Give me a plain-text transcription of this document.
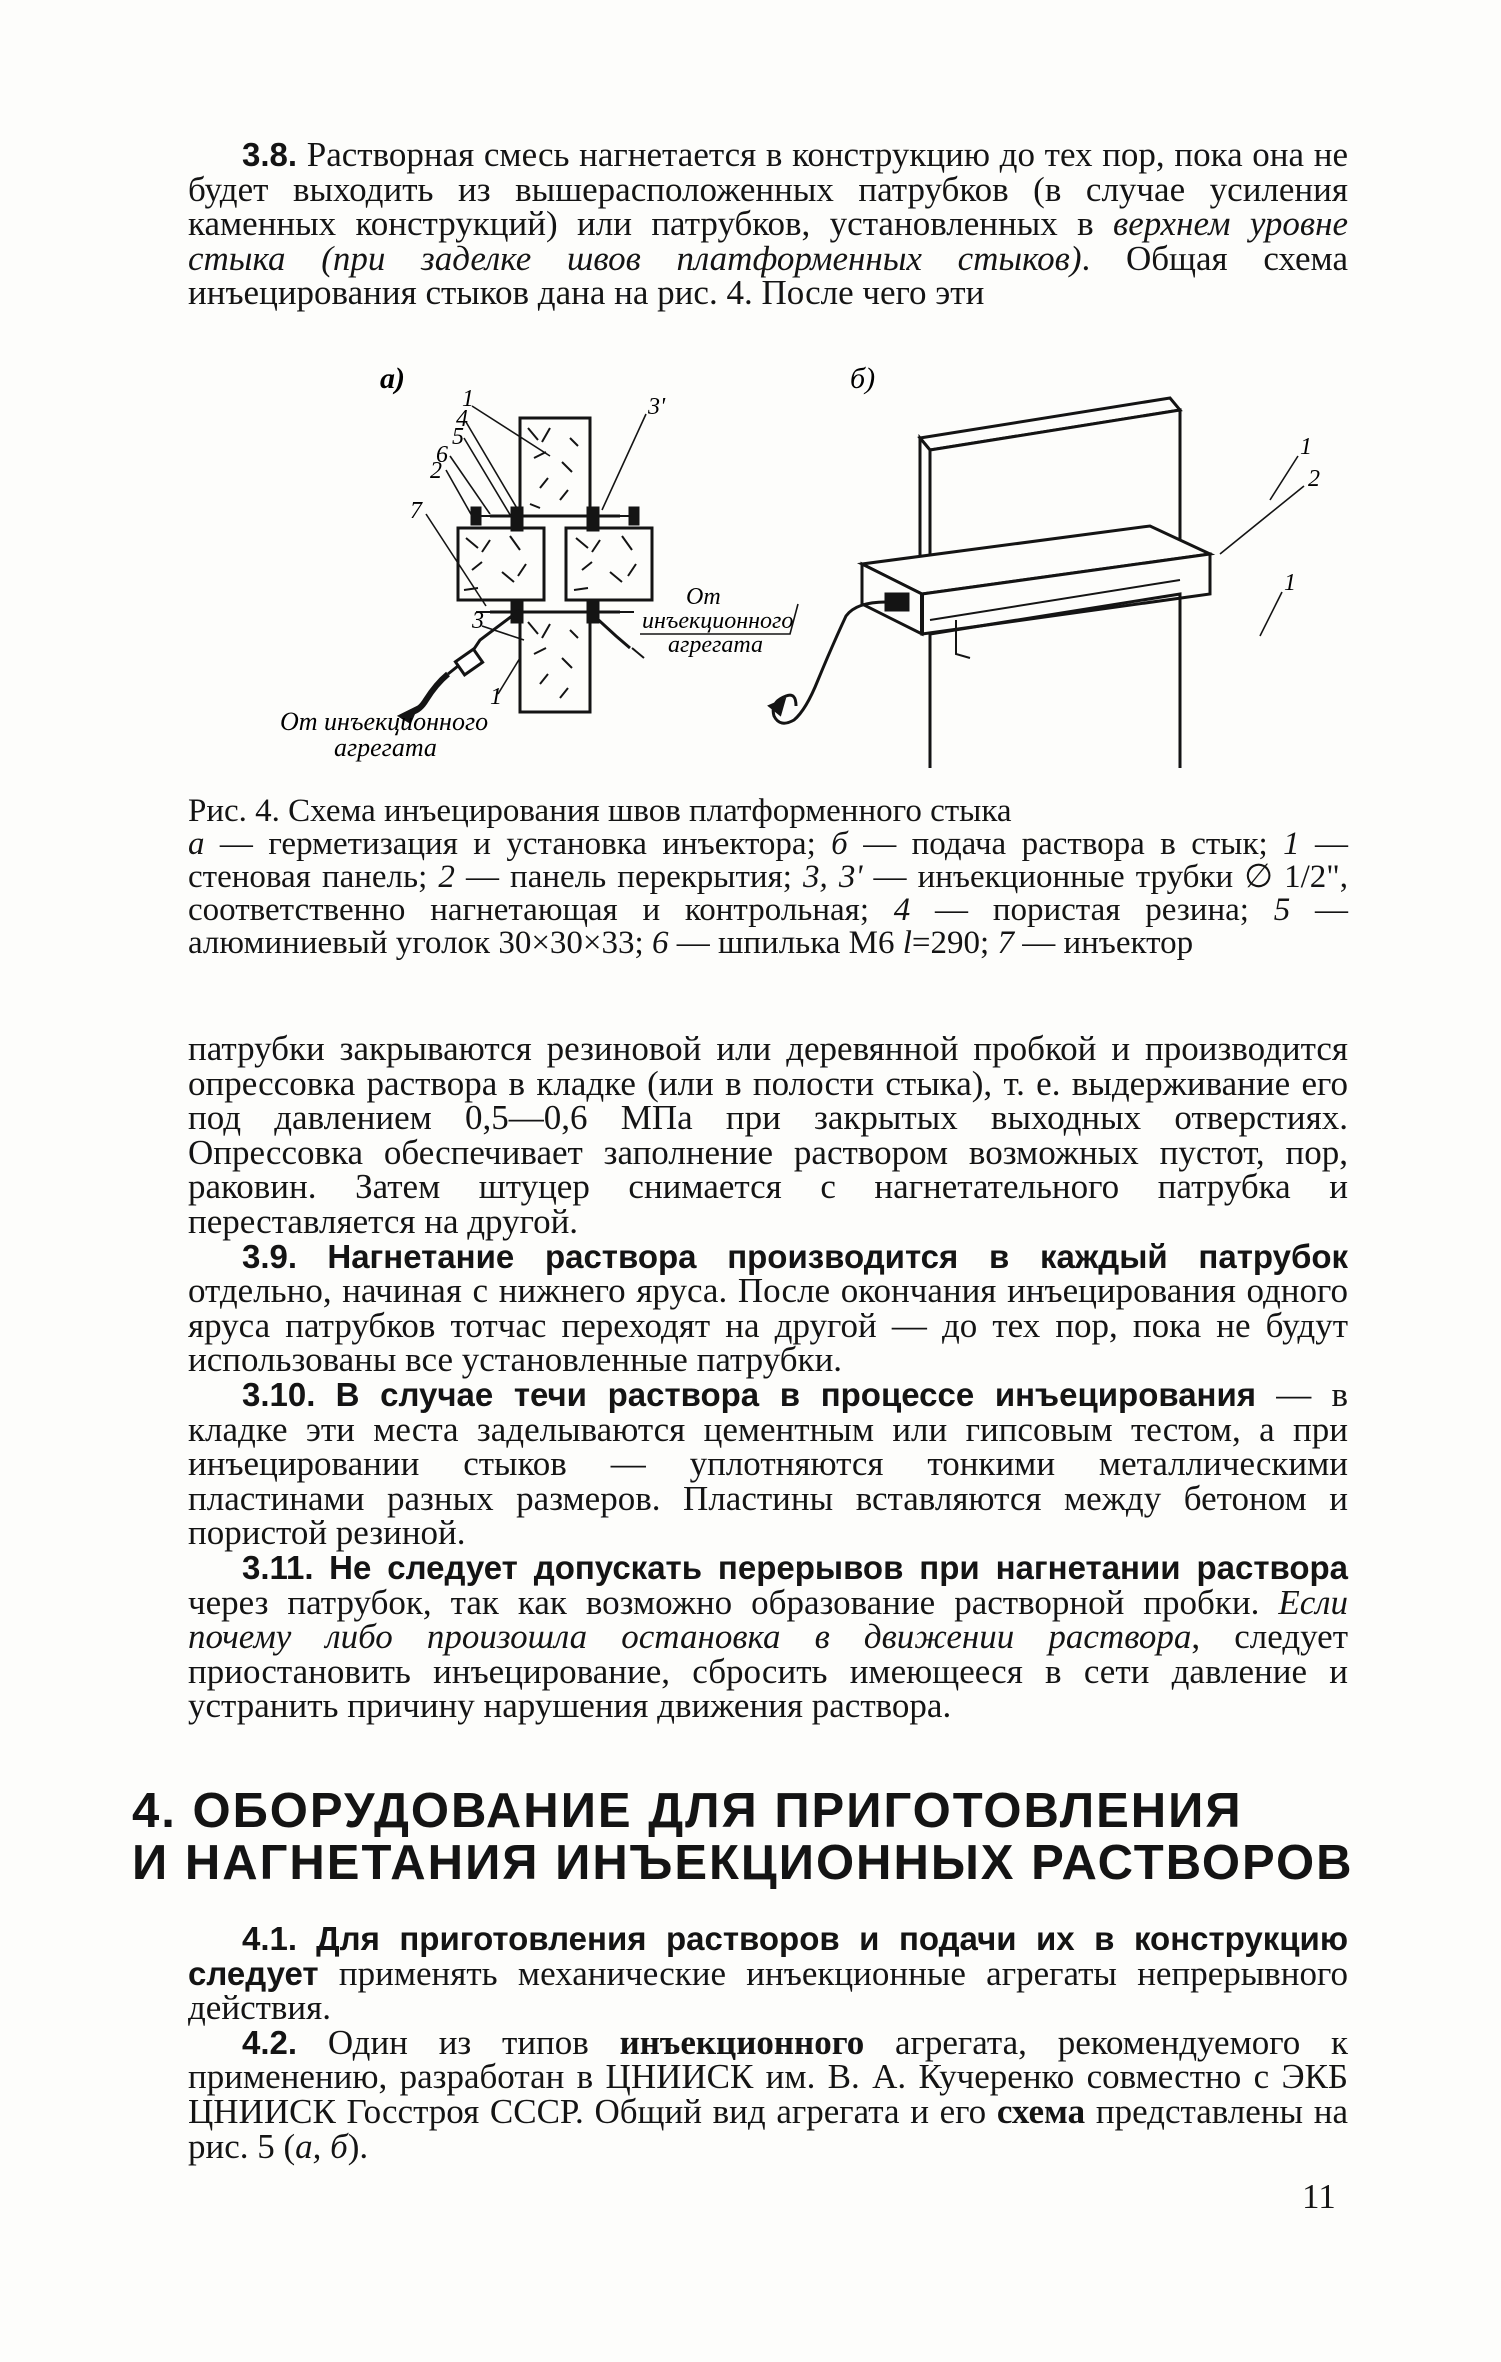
3.8. Растворная смесь нагнетается в конструкцию до тех пор, пока она не будет выходить из вышерасположенных патрубков (в случае усиления каменных конструкций) или патрубков, установленных в верхнем уровне стыка (при заделке швов платформенных стыков). Общая схема инъецирования стыков дана на рис. 4. После чего эти

а)
1
4
5
6
2
3'
7
3
1
От инъекционного
агрегата
От
инъекционного
агрегата
б)
1
2
1

Рис. 4. Схема инъецирования швов платформенного стыка

а — герметизация и установка инъектора; б — подача раствора в стык; 1 — стеновая панель; 2 — панель перекрытия; 3, 3' — инъекционные трубки ∅ 1/2", соответственно нагнетающая и контрольная; 4 — пористая резина; 5 — алюминиевый уголок 30×30×33; 6 — шпилька М6 l=290; 7 — инъектор

патрубки закрываются резиновой или деревянной пробкой и производится опрессовка раствора в кладке (или в полости стыка), т. е. выдерживание его под давлением 0,5—0,6 МПа при закрытых выходных отверстиях. Опрессовка обеспечивает заполнение раствором возможных пустот, пор, раковин. Затем штуцер снимается с нагнетательного патрубка и переставляется на другой.

3.9. Нагнетание раствора производится в каждый патрубок отдельно, начиная с нижнего яруса. После окончания инъецирования одного яруса патрубков тотчас переходят на другой — до тех пор, пока не будут использованы все установленные патрубки.

3.10. В случае течи раствора в процессе инъецирования — в кладке эти места заделываются цементным или гипсовым тестом, а при инъецировании стыков — уплотняются тонкими металлическими пластинами разных размеров. Пластины вставляются между бетоном и пористой резиной.

3.11. Не следует допускать перерывов при нагнетании раствора через патрубок, так как возможно образование растворной пробки. Если почему либо произошла остановка в движении раствора, следует приостановить инъецирование, сбросить имеющееся в сети давление и устранить причину нарушения движения раствора.

4. ОБОРУДОВАНИЕ ДЛЯ ПРИГОТОВЛЕНИЯ
И НАГНЕТАНИЯ ИНЪЕКЦИОННЫХ РАСТВОРОВ

4.1. Для приготовления растворов и подачи их в конструкцию следует применять механические инъекционные агрегаты непрерывного действия.

4.2. Один из типов инъекционного агрегата, рекомендуемого к применению, разработан в ЦНИИСК им. В. А. Кучеренко совместно с ЭКБ ЦНИИСК Госстроя СССР. Общий вид агрегата и его схема представлены на рис. 5 (а, б).

11
